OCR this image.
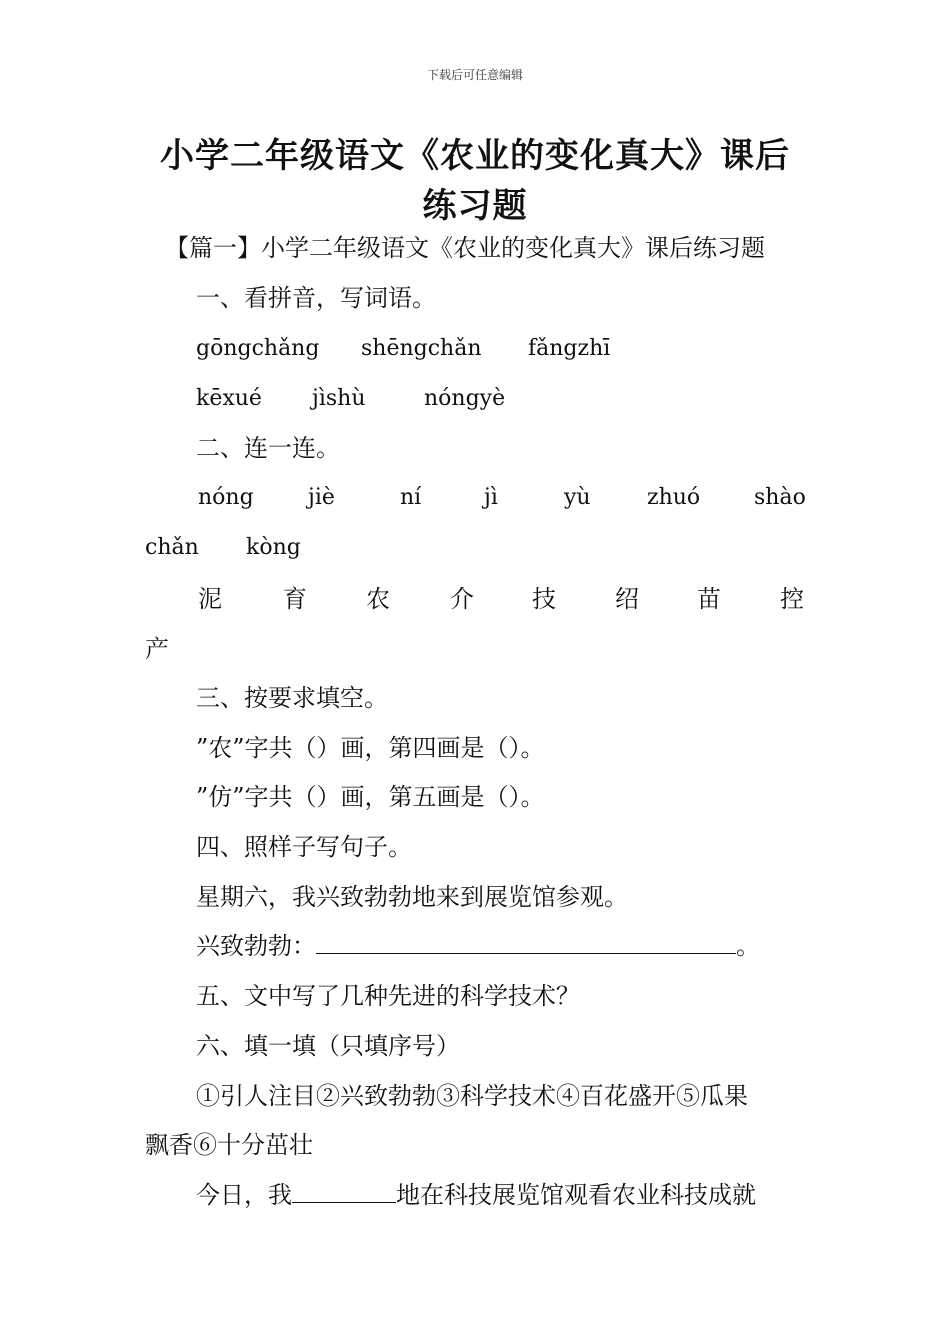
下载后可任意编辑
小学二年级语文《农业的变化真大》课后
练习题
【篇一】小学二年级语文《农业的变化真大》课后练习题
一、看拼音，写词语。
gōngchǎng shēngchǎn fǎngzhī
kēxué jìshù	nóngyè
二、连一连。
nóng jiè	ní	jì	yù	zhuó shào
chǎn kòng
泥	育 农	介 技 绍 苗 控
产
三、按要求填空。
”农”字共（）画，第四画是（）。
”仿”字共（）画，第五画是（）。
四、照样子写句子。
星期六，我兴致勃勃地来到展览馆参观。
兴致勃勃：	。
五、文中写了几种先进的科学技术？
六、填一填（只填序号）
①引人注目②兴致勃勃③科学技术④百花盛开⑤瓜果
飘香⑥十分茁壮
今日，我	地在科技展览馆观看农业科技成就
